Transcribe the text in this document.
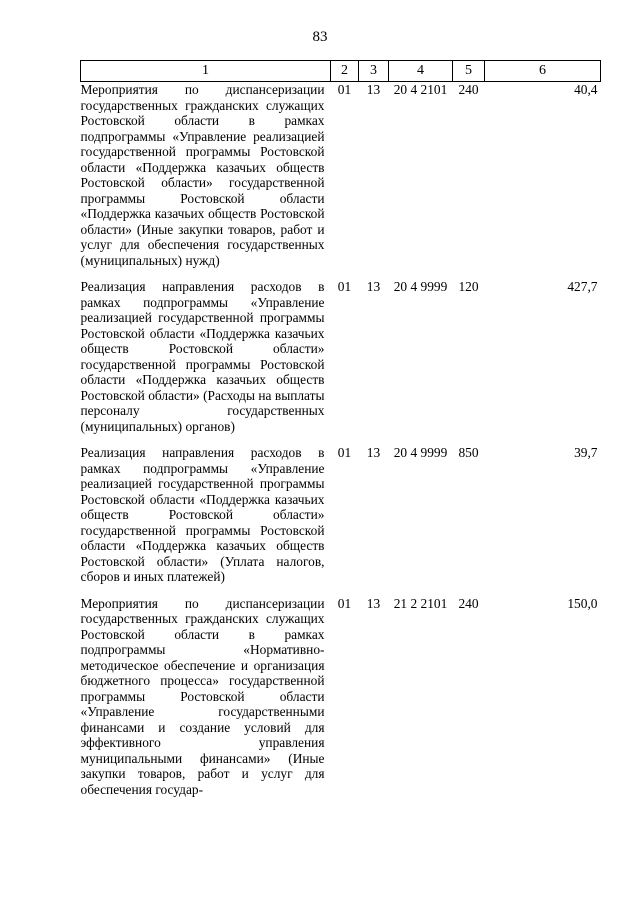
83
1	2	3	4	5	6
Мероприятия по диспансеризации государственных гражданских служащих Ростовской области в рамках подпрограммы «Управление реализацией государственной программы Ростовской области «Поддержка казачьих обществ Ростовской области» государственной программы Ростовской области «Поддержка казачьих обществ Ростовской области» (Иные закупки товаров, работ и услуг для обеспечения государственных (муниципальных) нужд)	01	13	20 4 2101	240	40,4
Реализация направления расходов в рамках подпрограммы «Управление реализацией государственной программы Ростовской области «Поддержка казачьих обществ Ростовской области» государственной программы Ростовской области «Поддержка казачьих обществ Ростовской области» (Расходы на выплаты персоналу государственных (муниципальных) органов)	01	13	20 4 9999	120	427,7
Реализация направления расходов в рамках подпрограммы «Управление реализацией государственной программы Ростовской области «Поддержка казачьих обществ Ростовской области» государственной программы Ростовской области «Поддержка казачьих обществ Ростовской области» (Уплата налогов, сборов и иных платежей)	01	13	20 4 9999	850	39,7
Мероприятия по диспансеризации государственных гражданских служащих Ростовской области в рамках подпрограммы «Нормативно-методическое обеспечение и организация бюджетного процесса» государственной программы Ростовской области «Управление государственными финансами и создание условий для эффективного управления муниципальными финансами» (Иные закупки товаров, работ и услуг для обеспечения государ-	01	13	21 2 2101	240	150,0
